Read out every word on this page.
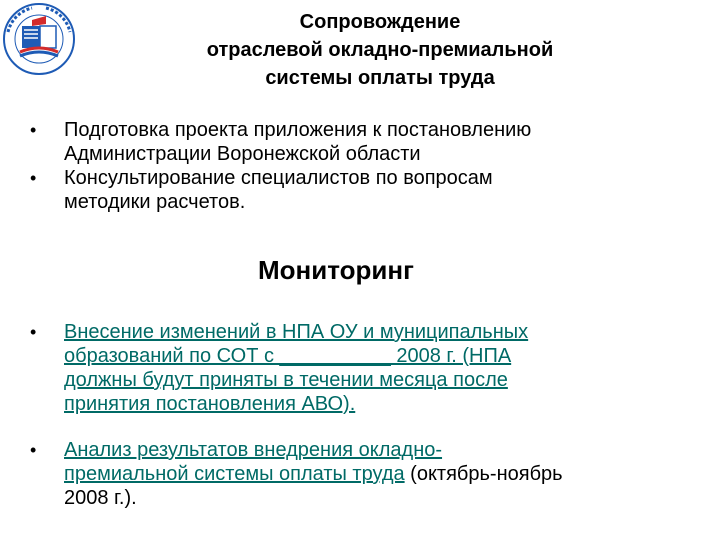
Сопровождение
отраслевой окладно-премиальной
системы оплаты труда
• Подготовка проекта приложения к постановлению
Администрации Воронежской области
• Консультирование специалистов по вопросам
методики расчетов.
Мониторинг
• Внесение изменений в НПА ОУ и муниципальных
образований по СОТ с __________ 2008 г. (НПА
должны будут приняты в течении месяца после
принятия постановления АВО).
• Анализ результатов внедрения окладно-
премиальной системы оплаты труда (октябрь-ноябрь
2008 г.).
